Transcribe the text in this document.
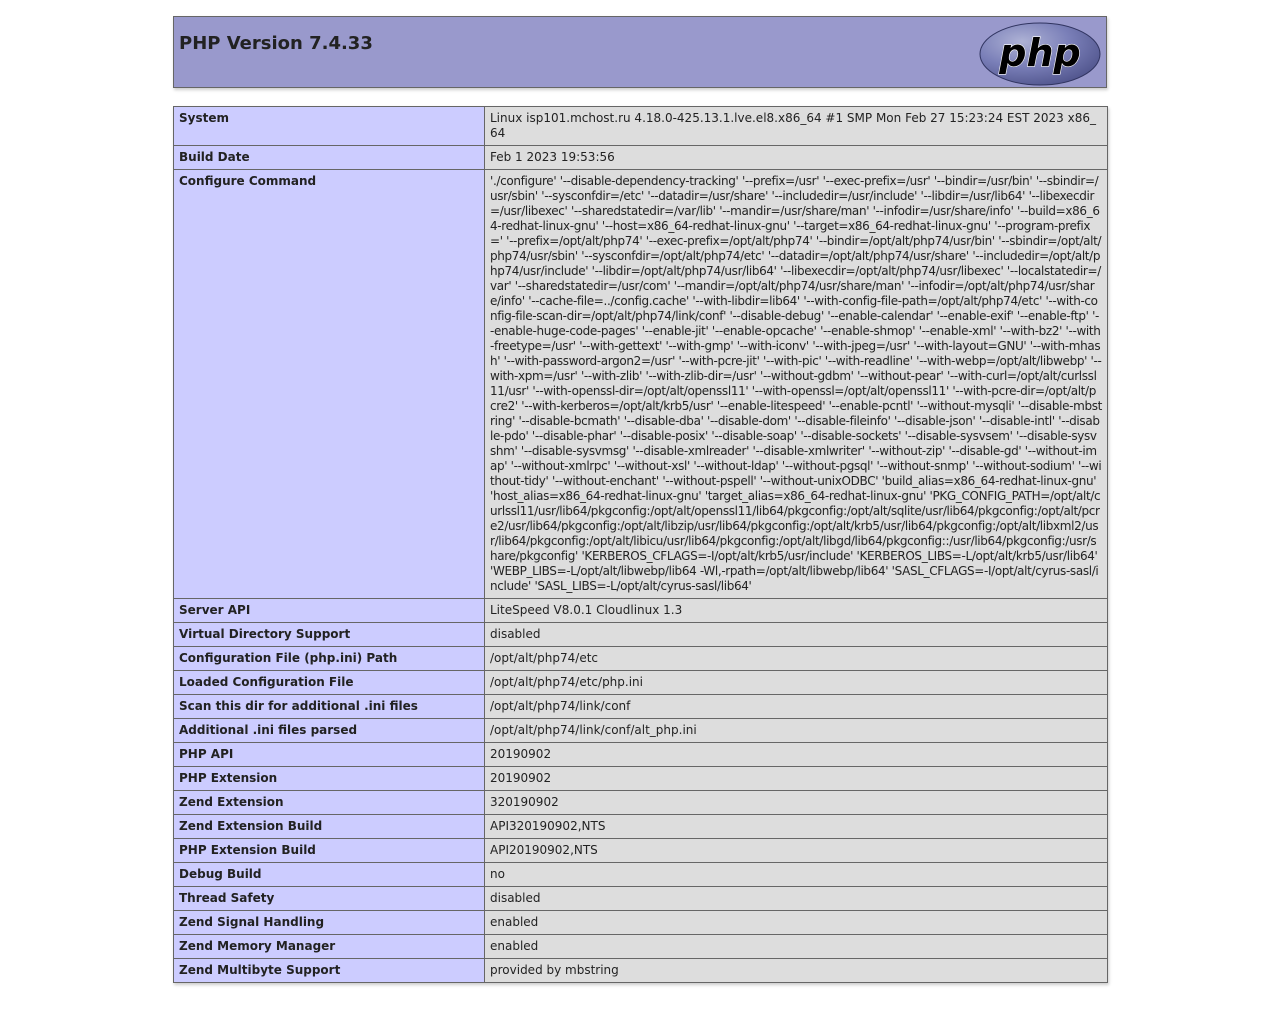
PHP Version 7.4.33	php
System	Linux isp101.mchost.ru 4.18.0-425.13.1.lve.el8.x86_64 #1 SMP Mon Feb 27 15:23:24 EST 2023 x86_64
Build Date	Feb 1 2023 19:53:56
Configure Command	'./configure' '--disable-dependency-tracking' '--prefix=/usr' '--exec-prefix=/usr' '--bindir=/usr/bin' '--sbindir=/usr/sbin' '--sysconfdir=/etc' '--datadir=/usr/share' '--includedir=/usr/include' '--libdir=/usr/lib64' '--libexecdir=/usr/libexec' '--sharedstatedir=/var/lib' '--mandir=/usr/share/man' '--infodir=/usr/share/info' '--build=x86_64-redhat-linux-gnu' '--host=x86_64-redhat-linux-gnu' '--target=x86_64-redhat-linux-gnu' '--program-prefix=' '--prefix=/opt/alt/php74' '--exec-prefix=/opt/alt/php74' '--bindir=/opt/alt/php74/usr/bin' '--sbindir=/opt/alt/php74/usr/sbin' '--sysconfdir=/opt/alt/php74/etc' '--datadir=/opt/alt/php74/usr/share' '--includedir=/opt/alt/php74/usr/include' '--libdir=/opt/alt/php74/usr/lib64' '--libexecdir=/opt/alt/php74/usr/libexec' '--localstatedir=/var' '--sharedstatedir=/usr/com' '--mandir=/opt/alt/php74/usr/share/man' '--infodir=/opt/alt/php74/usr/share/info' '--cache-file=../config.cache' '--with-libdir=lib64' '--with-config-file-path=/opt/alt/php74/etc' '--with-config-file-scan-dir=/opt/alt/php74/link/conf' '--disable-debug' '--enable-calendar' '--enable-exif' '--enable-ftp' '--enable-huge-code-pages' '--enable-jit' '--enable-opcache' '--enable-shmop' '--enable-xml' '--with-bz2' '--with-freetype=/usr' '--with-gettext' '--with-gmp' '--with-iconv' '--with-jpeg=/usr' '--with-layout=GNU' '--with-mhash' '--with-password-argon2=/usr' '--with-pcre-jit' '--with-pic' '--with-readline' '--with-webp=/opt/alt/libwebp' '--with-xpm=/usr' '--with-zlib' '--with-zlib-dir=/usr' '--without-gdbm' '--without-pear' '--with-curl=/opt/alt/curlssl11/usr' '--with-openssl-dir=/opt/alt/openssl11' '--with-openssl=/opt/alt/openssl11' '--with-pcre-dir=/opt/alt/pcre2' '--with-kerberos=/opt/alt/krb5/usr' '--enable-litespeed' '--enable-pcntl' '--without-mysqli' '--disable-mbstring' '--disable-bcmath' '--disable-dba' '--disable-dom' '--disable-fileinfo' '--disable-json' '--disable-intl' '--disable-pdo' '--disable-phar' '--disable-posix' '--disable-soap' '--disable-sockets' '--disable-sysvsem' '--disable-sysvshm' '--disable-sysvmsg' '--disable-xmlreader' '--disable-xmlwriter' '--without-zip' '--disable-gd' '--without-imap' '--without-xmlrpc' '--without-xsl' '--without-ldap' '--without-pgsql' '--without-snmp' '--without-sodium' '--without-tidy' '--without-enchant' '--without-pspell' '--without-unixODBC' 'build_alias=x86_64-redhat-linux-gnu' 'host_alias=x86_64-redhat-linux-gnu' 'target_alias=x86_64-redhat-linux-gnu' 'PKG_CONFIG_PATH=/opt/alt/curlssl11/usr/lib64/pkgconfig:/opt/alt/openssl11/lib64/pkgconfig:/opt/alt/sqlite/usr/lib64/pkgconfig:/opt/alt/pcre2/usr/lib64/pkgconfig:/opt/alt/libzip/usr/lib64/pkgconfig:/opt/alt/krb5/usr/lib64/pkgconfig:/opt/alt/libxml2/usr/lib64/pkgconfig:/opt/alt/libicu/usr/lib64/pkgconfig:/opt/alt/libgd/lib64/pkgconfig::/usr/lib64/pkgconfig:/usr/share/pkgconfig' 'KERBEROS_CFLAGS=-I/opt/alt/krb5/usr/include' 'KERBEROS_LIBS=-L/opt/alt/krb5/usr/lib64' 'WEBP_LIBS=-L/opt/alt/libwebp/lib64 -Wl,-rpath=/opt/alt/libwebp/lib64' 'SASL_CFLAGS=-I/opt/alt/cyrus-sasl/include' 'SASL_LIBS=-L/opt/alt/cyrus-sasl/lib64'
Server API	LiteSpeed V8.0.1 Cloudlinux 1.3
Virtual Directory Support	disabled
Configuration File (php.ini) Path	/opt/alt/php74/etc
Loaded Configuration File	/opt/alt/php74/etc/php.ini
Scan this dir for additional .ini files	/opt/alt/php74/link/conf
Additional .ini files parsed	/opt/alt/php74/link/conf/alt_php.ini
PHP API	20190902
PHP Extension	20190902
Zend Extension	320190902
Zend Extension Build	API320190902,NTS
PHP Extension Build	API20190902,NTS
Debug Build	no
Thread Safety	disabled
Zend Signal Handling	enabled
Zend Memory Manager	enabled
Zend Multibyte Support	provided by mbstring
